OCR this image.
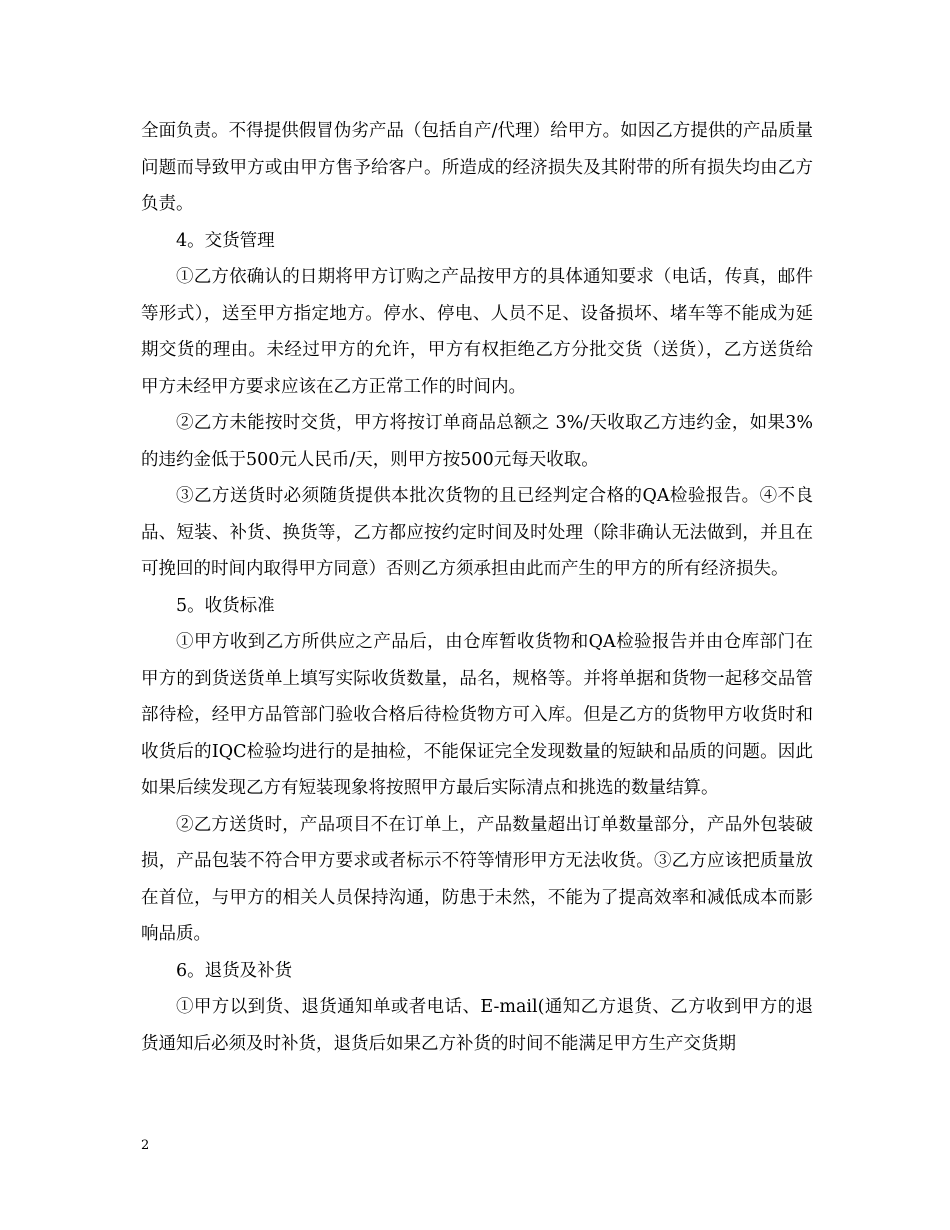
全面负责。不得提供假冒伪劣产品（包括自产/代理）给甲方。如因乙方提供的产品质量问题而导致甲方或由甲方售予给客户。所造成的经济损失及其附带的所有损失均由乙方负责。

4。交货管理

①乙方依确认的日期将甲方订购之产品按甲方的具体通知要求（电话，传真，邮件等形式），送至甲方指定地方。停水、停电、人员不足、设备损坏、堵车等不能成为延期交货的理由。未经过甲方的允许，甲方有权拒绝乙方分批交货（送货），乙方送货给甲方未经甲方要求应该在乙方正常工作的时间内。

②乙方未能按时交货，甲方将按订单商品总额之 3%/天收取乙方违约金，如果3%的违约金低于500元人民币/天，则甲方按500元每天收取。

③乙方送货时必须随货提供本批次货物的且已经判定合格的QA检验报告。④不良品、短装、补货、换货等，乙方都应按约定时间及时处理（除非确认无法做到，并且在可挽回的时间内取得甲方同意）否则乙方须承担由此而产生的甲方的所有经济损失。

5。收货标准

①甲方收到乙方所供应之产品后，由仓库暂收货物和QA检验报告并由仓库部门在甲方的到货送货单上填写实际收货数量，品名，规格等。并将单据和货物一起移交品管部待检，经甲方品管部门验收合格后待检货物方可入库。但是乙方的货物甲方收货时和收货后的IQC检验均进行的是抽检，不能保证完全发现数量的短缺和品质的问题。因此如果后续发现乙方有短装现象将按照甲方最后实际清点和挑选的数量结算。

②乙方送货时，产品项目不在订单上，产品数量超出订单数量部分，产品外包装破损，产品包装不符合甲方要求或者标示不符等情形甲方无法收货。③乙方应该把质量放在首位，与甲方的相关人员保持沟通，防患于未然，不能为了提高效率和减低成本而影响品质。

6。退货及补货

①甲方以到货、退货通知单或者电话、E-mail(通知乙方退货、乙方收到甲方的退货通知后必须及时补货，退货后如果乙方补货的时间不能满足甲方生产交货期

2
